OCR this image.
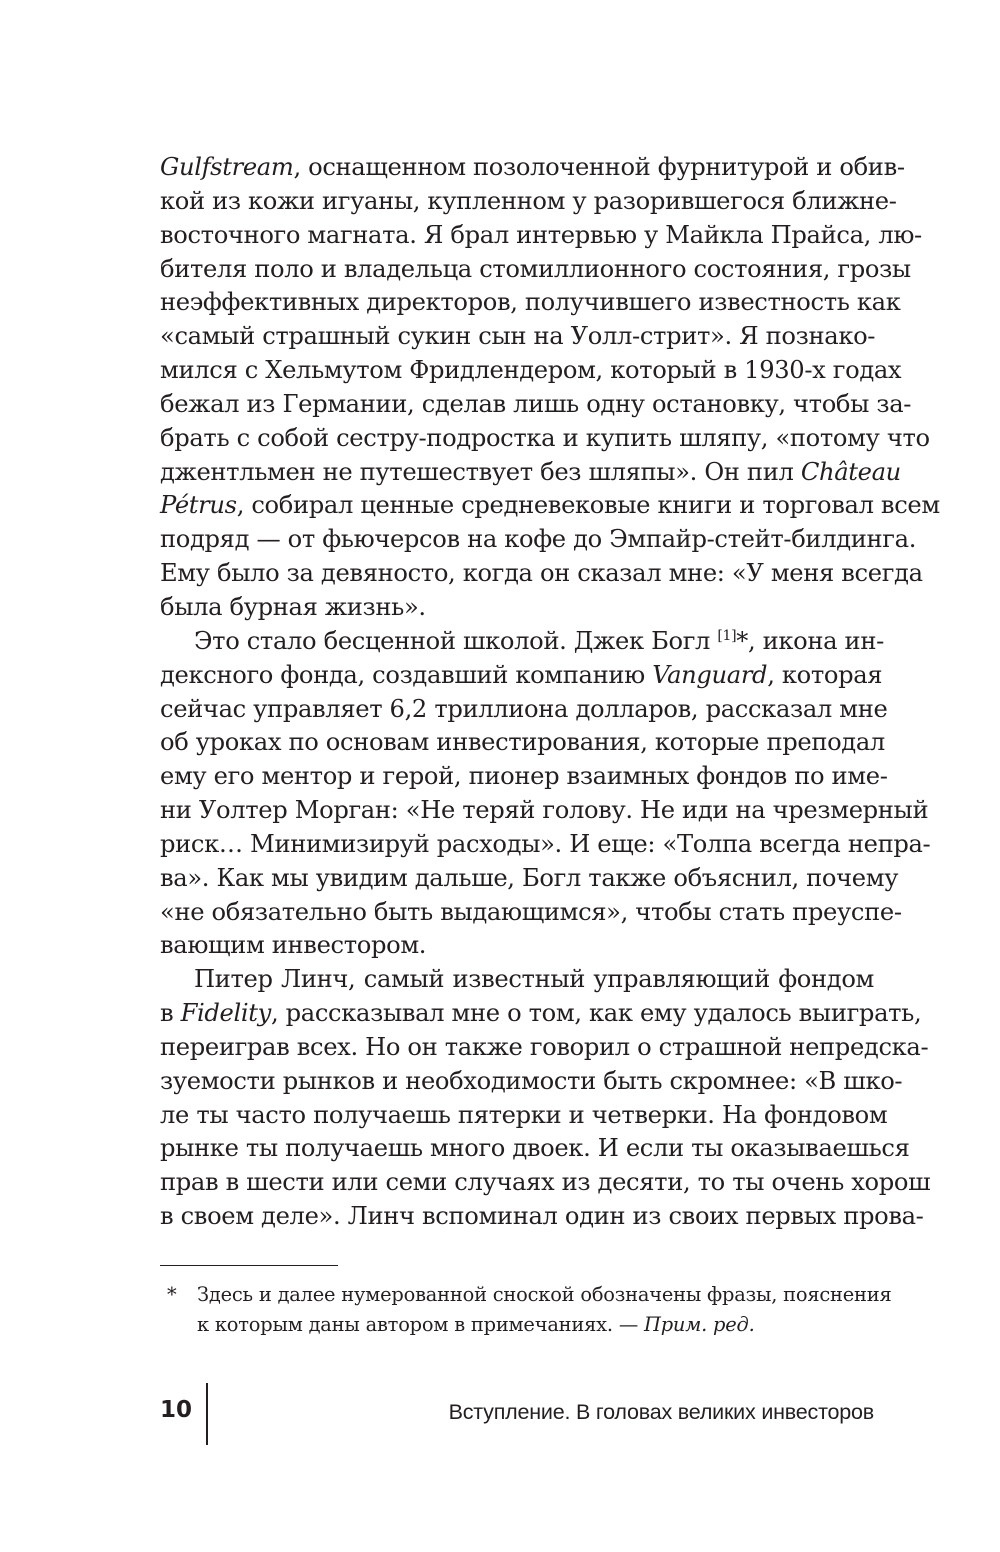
Gulfstream, оснащенном позолоченной фурнитурой и обив-
кой из кожи игуаны, купленном у разорившегося ближне-
восточного магната. Я брал интервью у Майкла Прайса, лю-
бителя поло и владельца стомиллионного состояния, грозы
неэффективных директоров, получившего известность как
«самый страшный сукин сын на Уолл-стрит». Я познако-
мился с Хельмутом Фридлендером, который в 1930-х годах
бежал из Германии, сделав лишь одну остановку, чтобы за-
брать с собой сестру-подростка и купить шляпу, «потому что
джентльмен не путешествует без шляпы». Он пил Château
Pétrus, собирал ценные средневековые книги и торговал всем
подряд — от фьючерсов на кофе до Эмпайр-стейт-билдинга.
Ему было за девяносто, когда он сказал мне: «У меня всегда
была бурная жизнь».
Это стало бесценной школой. Джек Богл [1]*, икона ин-
дексного фонда, создавший компанию Vanguard, которая
сейчас управляет 6,2 триллиона долларов, рассказал мне
об уроках по основам инвестирования, которые преподал
ему его ментор и герой, пионер взаимных фондов по име-
ни Уолтер Морган: «Не теряй голову. Не иди на чрезмерный
риск… Минимизируй расходы». И еще: «Толпа всегда непра-
ва». Как мы увидим дальше, Богл также объяснил, почему
«не обязательно быть выдающимся», чтобы стать преуспе-
вающим инвестором.
Питер Линч, самый известный управляющий фондом
в Fidelity, рассказывал мне о том, как ему удалось выиграть,
переиграв всех. Но он также говорил о страшной непредска-
зуемости рынков и необходимости быть скромнее: «В шко-
ле ты часто получаешь пятерки и четверки. На фондовом
рынке ты получаешь много двоек. И если ты оказываешься
прав в шести или семи случаях из десяти, то ты очень хорош
в своем деле». Линч вспоминал один из своих первых прова-
*	Здесь и далее нумерованной сноской обозначены фразы, пояснения
к которым даны автором в примечаниях. — Прим. ред.
10	Вступление. В головах великих инвесторов
